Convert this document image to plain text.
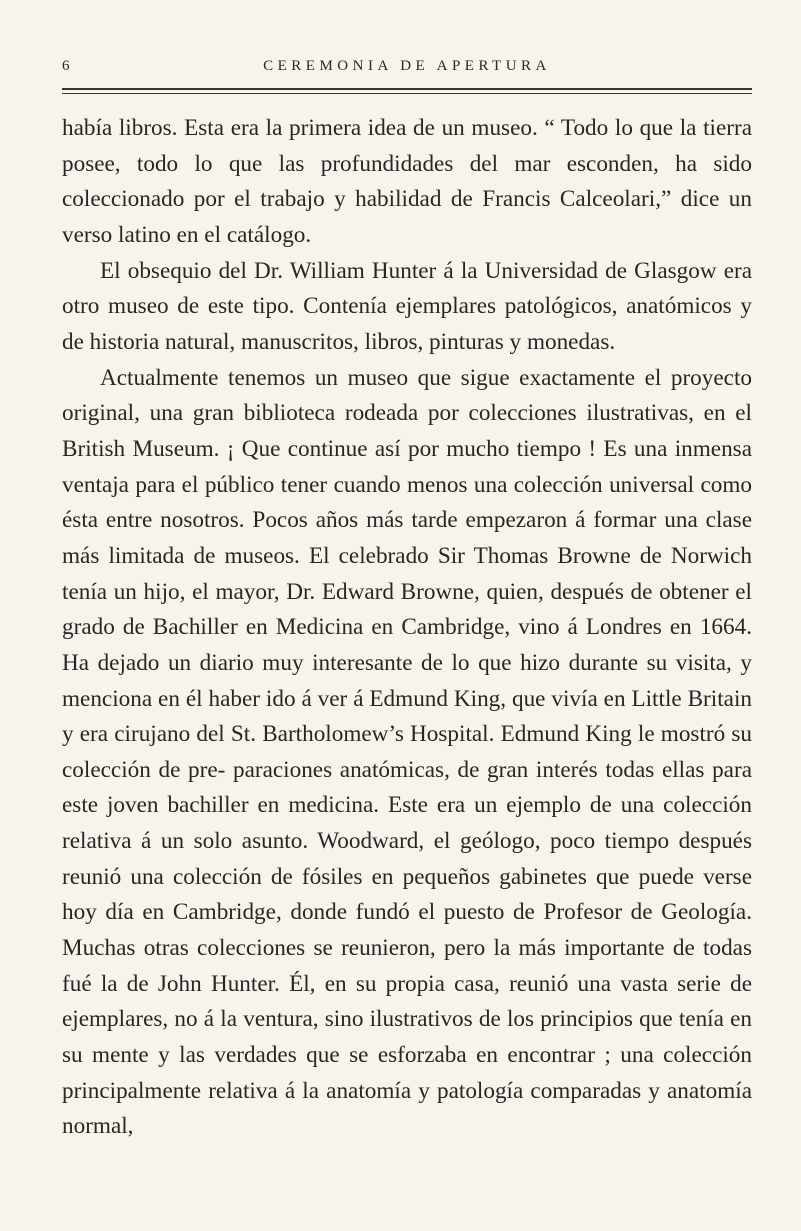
6	CEREMONIA DE APERTURA

había libros. Esta era la primera idea de un museo. “ Todo lo que la tierra posee, todo lo que las profundidades del mar esconden, ha sido coleccionado por el trabajo y habilidad de Francis Calceolari,” dice un verso latino en el catálogo.

El obsequio del Dr. William Hunter á la Universidad de Glasgow era otro museo de este tipo. Contenía ejemplares patológicos, anatómicos y de historia natural, manuscritos, libros, pinturas y monedas.

Actualmente tenemos un museo que sigue exactamente el proyecto original, una gran biblioteca rodeada por colecciones ilustrativas, en el British Museum. ¡ Que continue así por mucho tiempo ! Es una inmensa ventaja para el público tener cuando menos una colección universal como ésta entre nosotros. Pocos años más tarde empezaron á formar una clase más limitada de museos. El celebrado Sir Thomas Browne de Norwich tenía un hijo, el mayor, Dr. Edward Browne, quien, después de obtener el grado de Bachiller en Medicina en Cambridge, vino á Londres en 1664. Ha dejado un diario muy interesante de lo que hizo durante su visita, y menciona en él haber ido á ver á Edmund King, que vivía en Little Britain y era cirujano del St. Bartholomew’s Hospital. Edmund King le mostró su colección de pre- paraciones anatómicas, de gran interés todas ellas para este joven bachiller en medicina. Este era un ejemplo de una colección relativa á un solo asunto. Woodward, el geólogo, poco tiempo después reunió una colección de fósiles en pequeños gabinetes que puede verse hoy día en Cambridge, donde fundó el puesto de Profesor de Geología. Muchas otras colecciones se reunieron, pero la más importante de todas fué la de John Hunter. Él, en su propia casa, reunió una vasta serie de ejemplares, no á la ventura, sino ilustrativos de los principios que tenía en su mente y las verdades que se esforzaba en encontrar ; una colección principalmente relativa á la anatomía y patología comparadas y anatomía normal,
